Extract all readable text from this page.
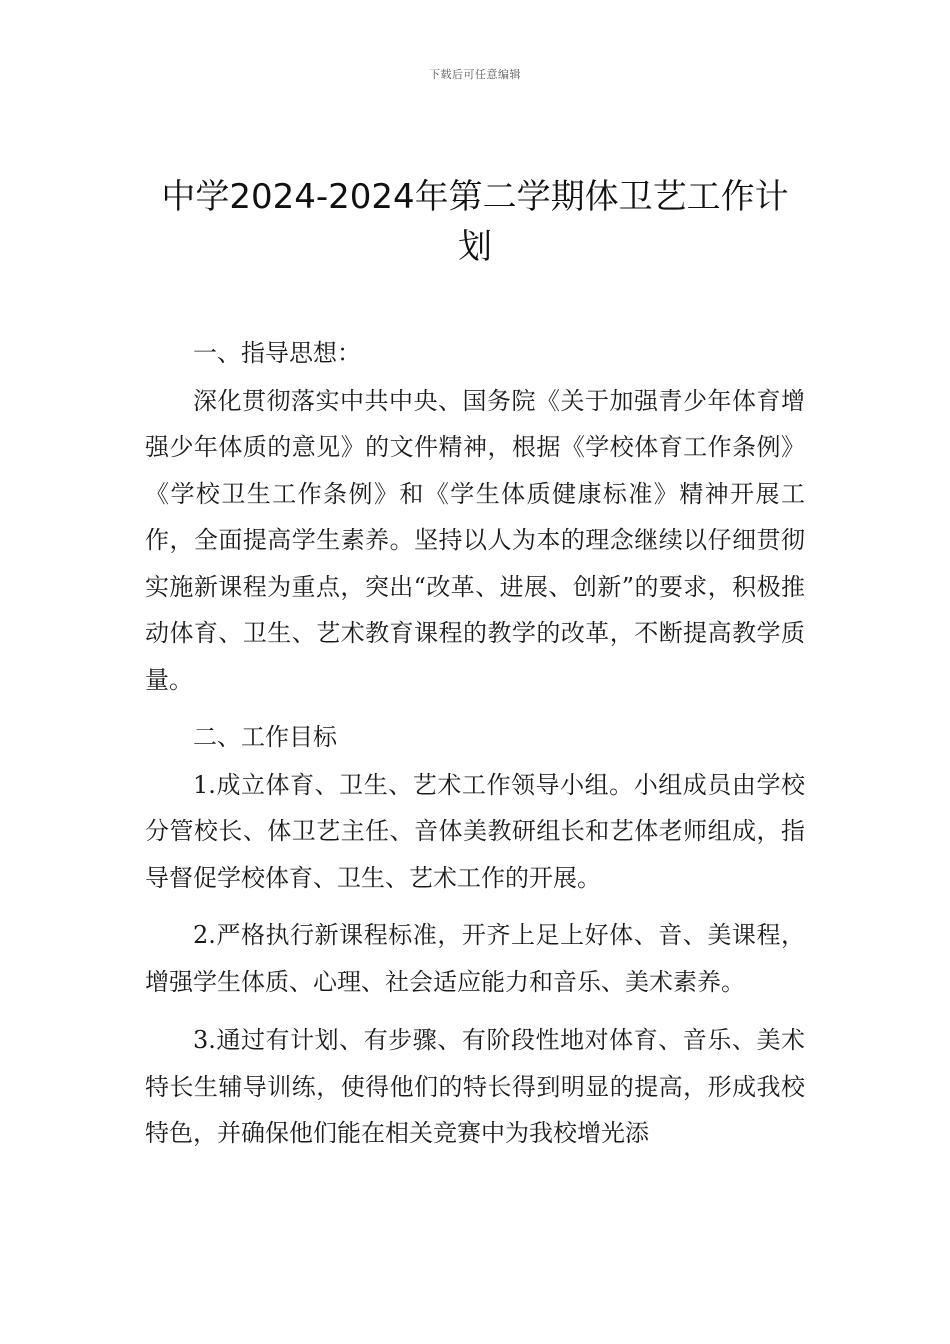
下载后可任意编辑
中学2024-2024年第二学期体卫艺工作计划

一、指导思想：

深化贯彻落实中共中央、国务院《关于加强青少年体育增强少年体质的意见》的文件精神，根据《学校体育工作条例》《学校卫生工作条例》和《学生体质健康标准》精神开展工作，全面提高学生素养。坚持以人为本的理念继续以仔细贯彻实施新课程为重点，突出“改革、进展、创新”的要求，积极推动体育、卫生、艺术教育课程的教学的改革，不断提高教学质量。

二、工作目标

1.成立体育、卫生、艺术工作领导小组。小组成员由学校分管校长、体卫艺主任、音体美教研组长和艺体老师组成，指导督促学校体育、卫生、艺术工作的开展。

2.严格执行新课程标准，开齐上足上好体、音、美课程，增强学生体质、心理、社会适应能力和音乐、美术素养。

3.通过有计划、有步骤、有阶段性地对体育、音乐、美术特长生辅导训练，使得他们的特长得到明显的提高，形成我校特色，并确保他们能在相关竞赛中为我校增光添
